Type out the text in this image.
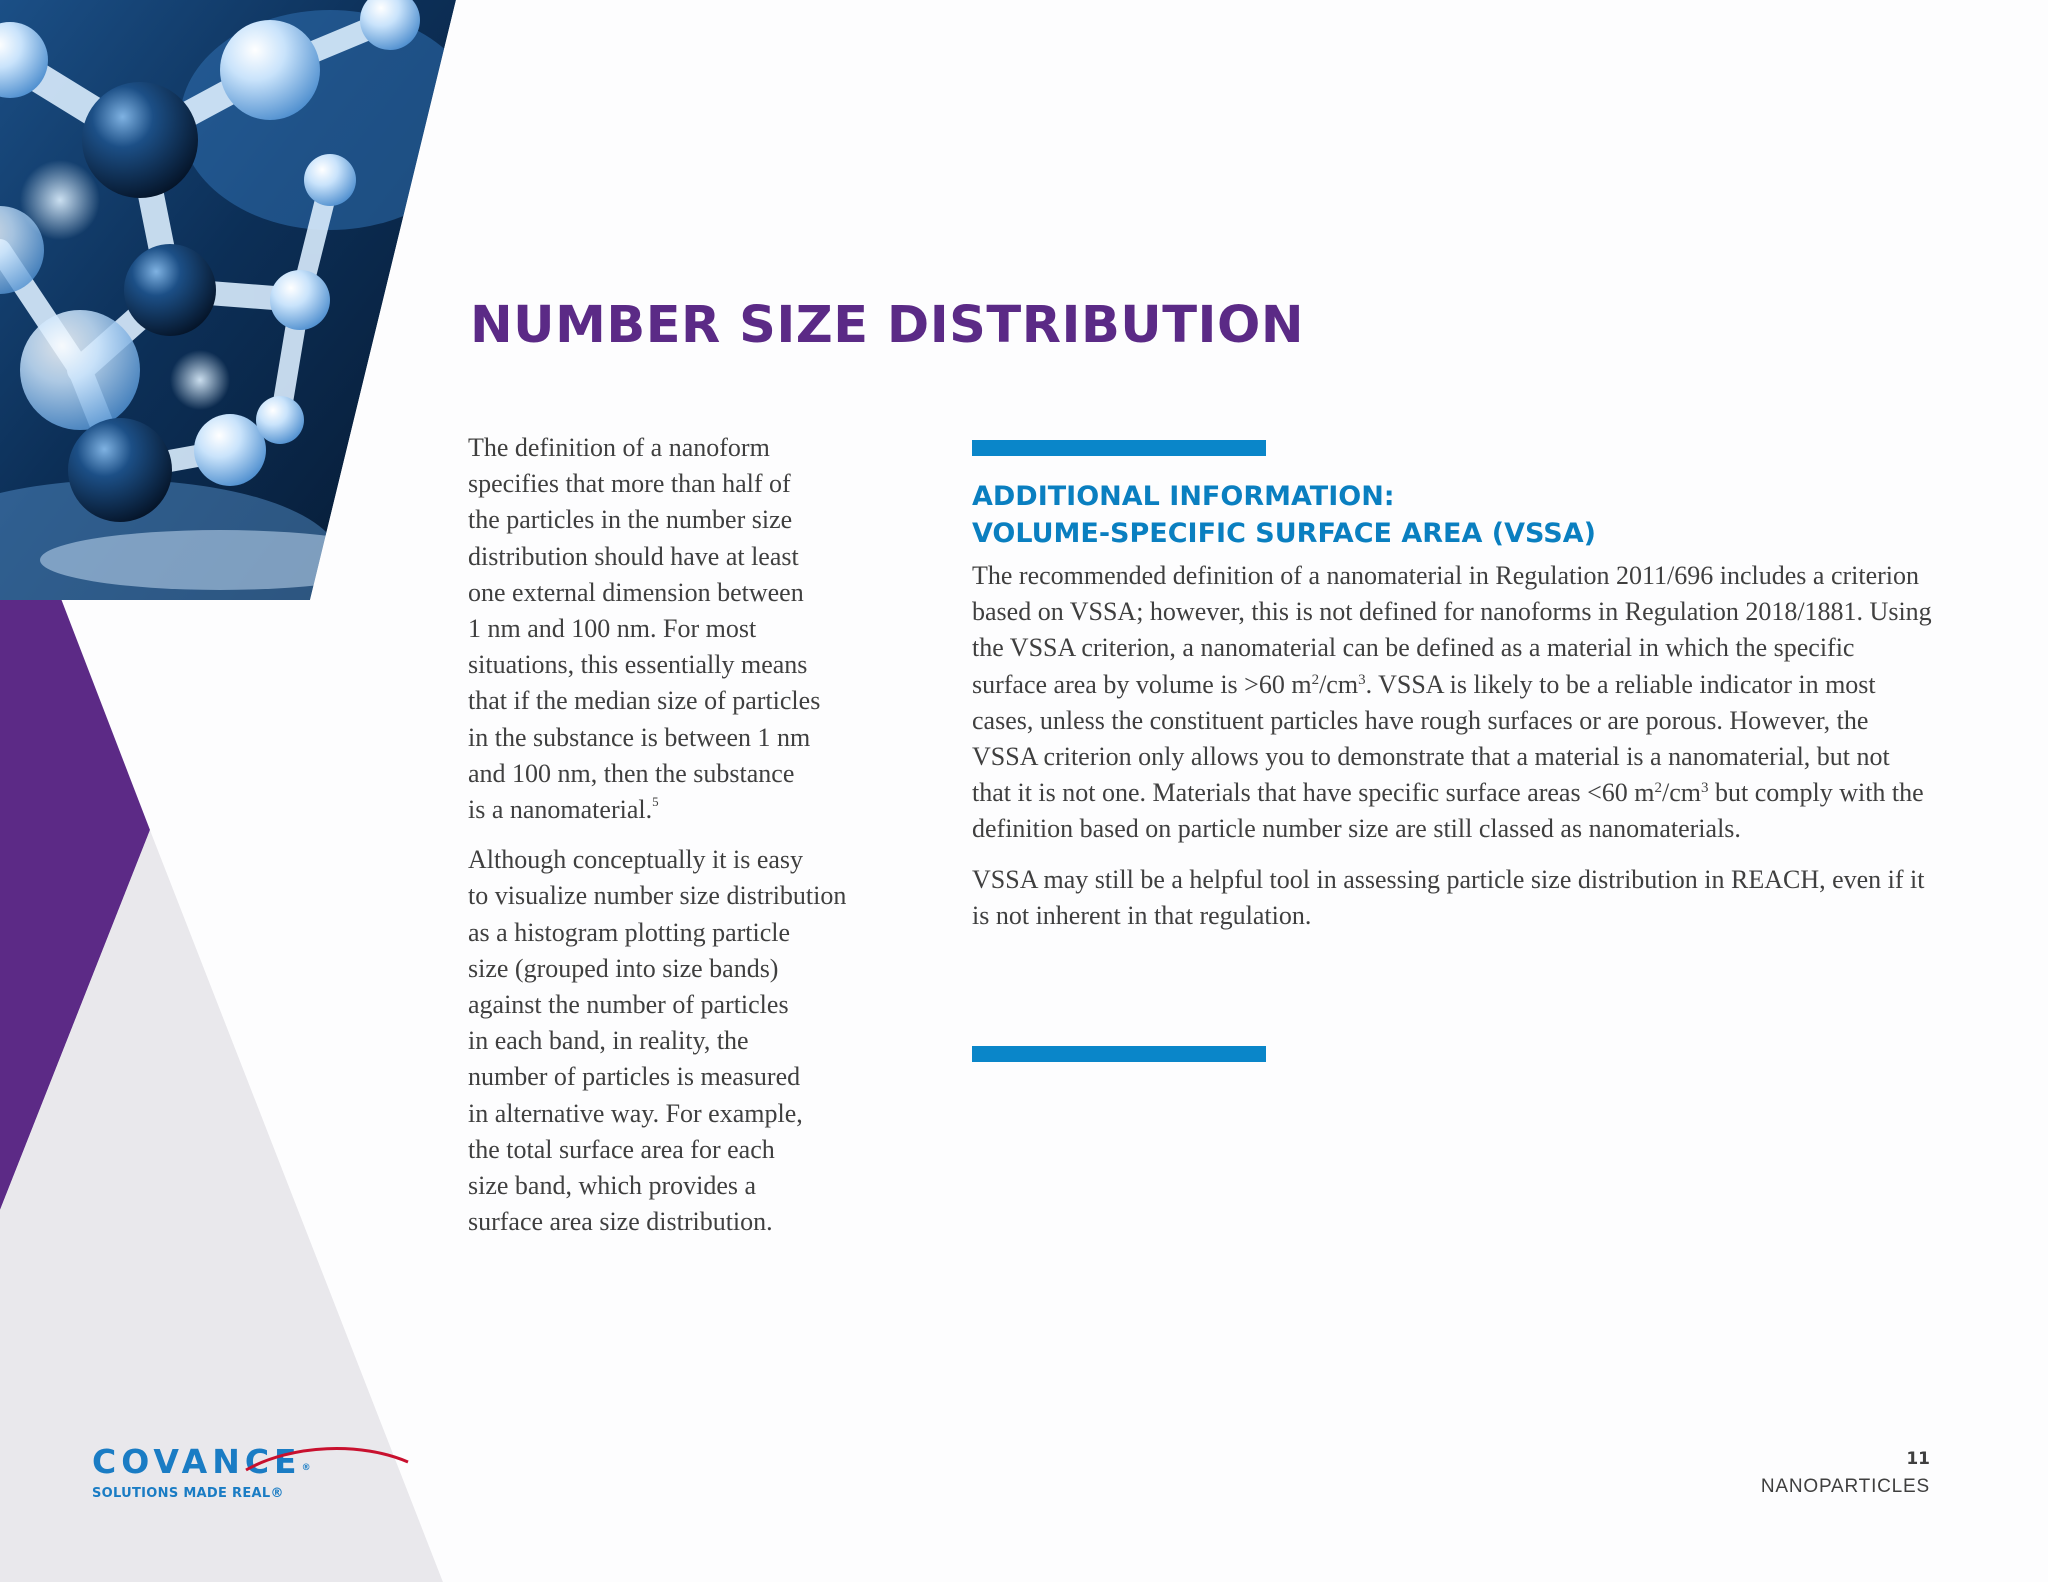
NUMBER SIZE DISTRIBUTION

The definition of a nanoform
specifies that more than half of
the particles in the number size
distribution should have at least
one external dimension between
1 nm and 100 nm. For most
situations, this essentially means
that if the median size of particles
in the substance is between 1 nm
and 100 nm, then the substance
is a nanomaterial.$^5$

Although conceptually it is easy
to visualize number size distribution
as a histogram plotting particle
size (grouped into size bands)
against the number of particles
in each band, in reality, the
number of particles is measured
in alternative way. For example,
the total surface area for each
size band, which provides a
surface area size distribution.

ADDITIONAL INFORMATION:
VOLUME-SPECIFIC SURFACE AREA (VSSA)

The recommended definition of a nanomaterial in Regulation 2011/696 includes a criterion based on VSSA; however, this is not defined for nanoforms in Regulation 2018/1881. Using the VSSA criterion, a nanomaterial can be defined as a material in which the specific surface area by volume is >60 $m^2/cm^3$. VSSA is likely to be a reliable indicator in most cases, unless the constituent particles have rough surfaces or are porous. However, the VSSA criterion only allows you to demonstrate that a material is a nanomaterial, but not that it is not one. Materials that have specific surface areas <60 $m^2/cm^3$ but comply with the definition based on particle number size are still classed as nanomaterials.

VSSA may still be a helpful tool in assessing particle size distribution in REACH, even if it is not inherent in that regulation.

COVANCE®
SOLUTIONS MADE REAL®
11
NANOPARTICLES
